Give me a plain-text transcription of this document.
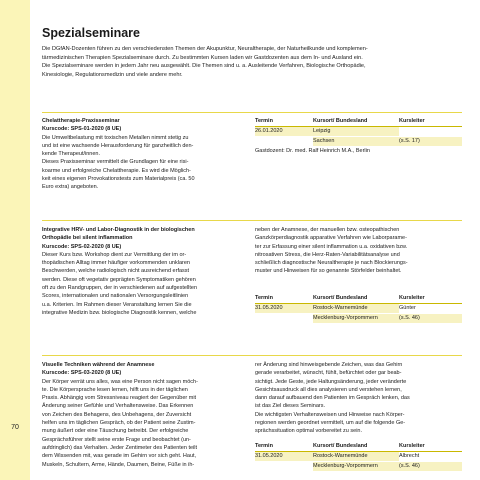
70
Spezialseminare
Die DGfAN-Dozenten führen zu den verschiedensten Themen der Akupunktur, Neuraltherapie, der Naturheilkunde und komplemen-
tärmedizinischen Therapien Spezialseminare durch. Zu bestimmten Kursen laden wir Gastdozenten aus dem In- und Ausland ein.
Die Spezialseminare werden in jedem Jahr neu ausgewählt. Die Themen sind u. a. Ausleitende Verfahren, Biologische Orthopädie,
Kinesiologie, Regulationsmedizin und viele andere mehr.
Chelattherapie-Praxisseminar
Kurscode: SPS-01-2020 (8 UE)
Die Umweltbelastung mit toxischen Metallen nimmt stetig zu
und ist eine wachsende Herausforderung für ganzheitlich den-
kende Therapeut/innen.
Dieses Praxisseminar vermittelt die Grundlagen für eine risi-
koarme und erfolgreiche Chelattherapie. Es wird die Möglich-
keit eines eigenen Provokationstests zum Materialpreis (ca. 50
Euro extra) angeboten.
Termin	Kursort/ Bundesland	Kursleiter
26.01.2020	Leipzig	
	Sachsen	(s.S. 17)
Gastdozent: Dr. med. Ralf Heinrich M.A., Berlin
Integrative HRV- und Labor-Diagnostik in der biologischen
Orthopädie bei silent inflammation
Kurscode: SPS-02-2020 (8 UE)
Dieser Kurs bzw. Workshop dient zur Vermittlung der im or-
thopädischen Alltag immer häufiger vorkommenden unklaren
Beschwerden, welche radiologisch nicht ausreichend erfasst
werden. Diese oft vegetativ geprägten Symptomatiken gehören
oft zu den Randgruppen, der in verschiedenen auf aufgestellten
Scores, internationalen und nationalen Versorgungsleitlinien
u.a. Kriterien. Im Rahmen dieser Veranstaltung lernen Sie die
integrative Medizin bzw. biologische Diagnostik kennen, welche
neben der Anamnese, der manuellen bzw. osteopathischen
Ganzkörperdiagnostik apparative Verfahren wie Laborparame-
ter zur Erfassung einer silent inflammation u.a. oxidativen bzw.
nitrosativen Stress, die Herz-Raten-Variabilitätsanalyse und
schließlich diagnostische Neuraltherapie je nach Blockierungs-
muster und Hinweisen für so genannte Störfelder beinhaltet.
Termin	Kursort/ Bundesland	Kursleiter
31.05.2020	Rostock-Warnemünde	Günter
	Mecklenburg-Vorpommern	(s.S. 46)
Visuelle Techniken während der Anamnese
Kurscode: SPS-03-2020 (8 UE)
Der Körper verrät uns alles, was eine Person nicht sagen möch-
te. Die Körpersprache lesen lernen, hilft uns in der täglichen
Praxis. Abhängig vom Stressniveau reagiert der Gegenüber mit
Änderung seiner Gefühle und Verhaltensweise. Das Erkennen
von Zeichen des Behagens, des Unbehagens, der Zuversicht
helfen uns im täglichen Gespräch, ob der Patient seine Zustim-
mung äußert oder eine Täuschung betreibt. Der erfolgreiche
Gesprächsführer stellt seine erste Frage und beobachtet (un-
aufdringlich) das Verhalten. Jeder Zentimeter des Patienten teilt
dem Wissenden mit, was gerade im Gehirn vor sich geht. Haut,
Muskeln, Schultern, Arme, Hände, Daumen, Beine, Füße in ih-
rer Änderung sind hinweisgebende Zeichen, was das Gehirn
gerade verarbeitet, wünscht, fühlt, befürchtet oder gar beab-
sichtigt. Jede Geste, jede Haltungsänderung, jeder veränderte
Gesichtsausdruck all dies analysieren und verstehen lernen,
dann darauf aufbauend den Patienten im Gespräch lenken, das
ist das Ziel dieses Seminars.
Die wichtigsten Verhaltensweisen und Hinweise nach Körper-
regionen werden geordnet vermittelt, um auf die folgende Ge-
sprächssituation optimal vorbereitet zu sein.
Termin	Kursort/ Bundesland	Kursleiter
31.05.2020	Rostock-Warnemünde	Albrecht
	Mecklenburg-Vorpommern	(s.S. 46)
